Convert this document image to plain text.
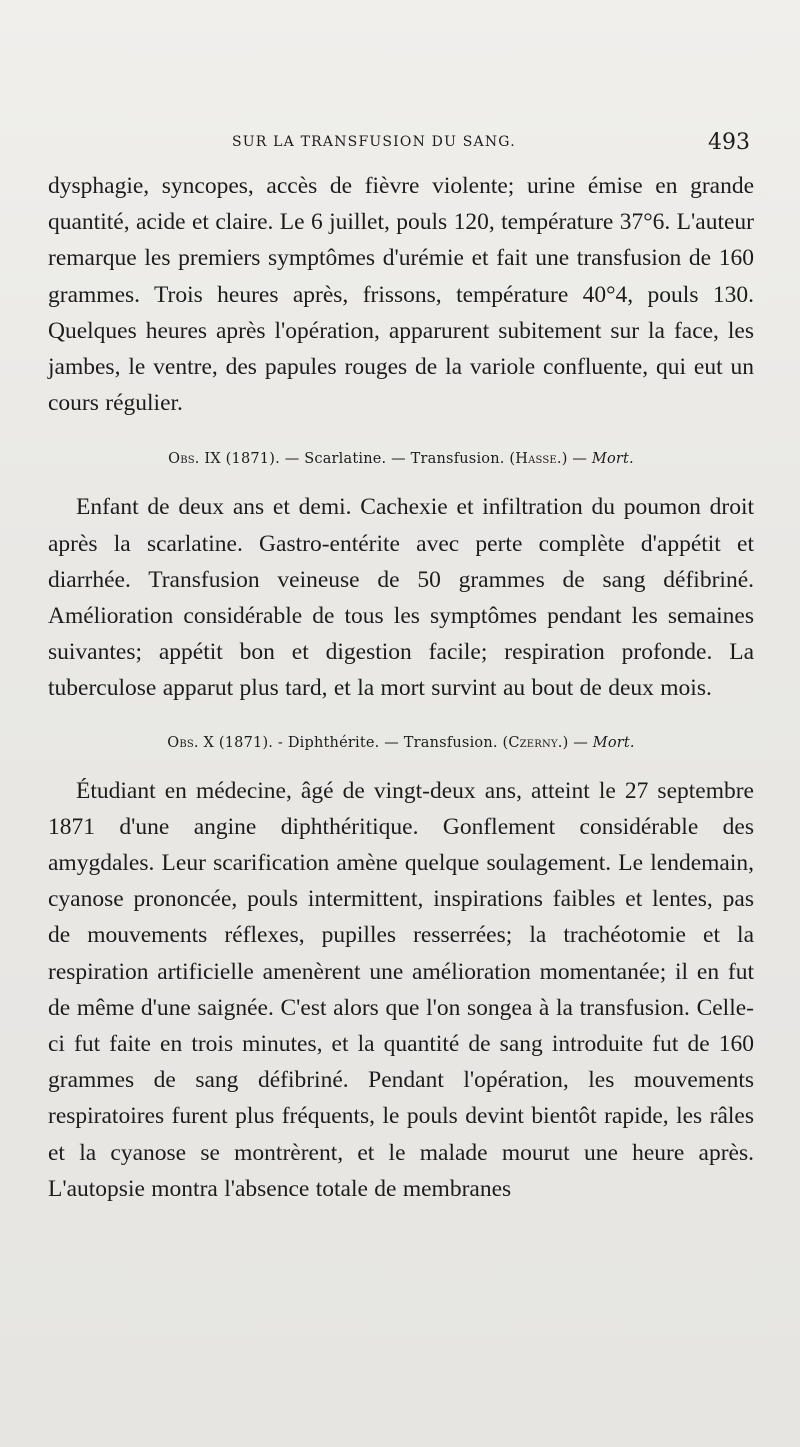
SUR LA TRANSFUSION DU SANG.	493

dysphagie, syncopes, accès de fièvre violente; urine émise en grande quantité, acide et claire. Le 6 juillet, pouls 120, température 37°6. L'auteur remarque les premiers symptômes d'urémie et fait une transfusion de 160 grammes. Trois heures après, frissons, température 40°4, pouls 130. Quelques heures après l'opération, apparurent subitement sur la face, les jambes, le ventre, des papules rouges de la variole confluente, qui eut un cours régulier.

Obs. IX (1871). — Scarlatine. — Transfusion. (Hasse.) — Mort.

Enfant de deux ans et demi. Cachexie et infiltration du poumon droit après la scarlatine. Gastro-entérite avec perte complète d'appétit et diarrhée. Transfusion veineuse de 50 grammes de sang défibriné. Amélioration considérable de tous les symptômes pendant les semaines suivantes; appétit bon et digestion facile; respiration profonde. La tuberculose apparut plus tard, et la mort survint au bout de deux mois.

Obs. X (1871). - Diphthérite. — Transfusion. (Czerny.) — Mort.

Étudiant en médecine, âgé de vingt-deux ans, atteint le 27 septembre 1871 d'une angine diphthéritique. Gonflement considérable des amygdales. Leur scarification amène quelque soulagement. Le lendemain, cyanose prononcée, pouls intermittent, inspirations faibles et lentes, pas de mouvements réflexes, pupilles resserrées; la trachéotomie et la respiration artificielle amenèrent une amélioration momentanée; il en fut de même d'une saignée. C'est alors que l'on songea à la transfusion. Celle-ci fut faite en trois minutes, et la quantité de sang introduite fut de 160 grammes de sang défibriné. Pendant l'opération, les mouvements respiratoires furent plus fréquents, le pouls devint bientôt rapide, les râles et la cyanose se montrèrent, et le malade mourut une heure après. L'autopsie montra l'absence totale de membranes
